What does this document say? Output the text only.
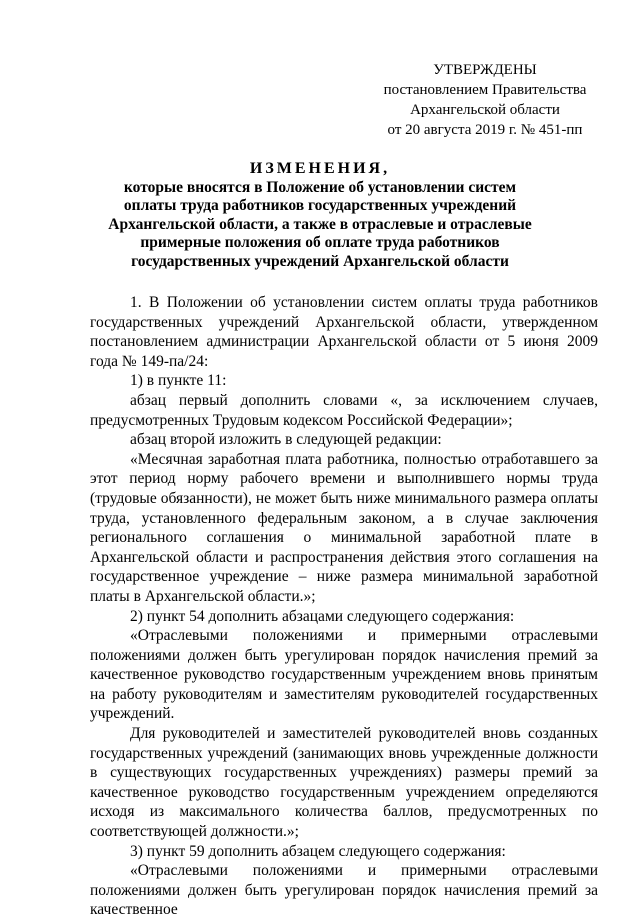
УТВЕРЖДЕНЫ
постановлением Правительства
Архангельской области
от 20 августа 2019 г. № 451-пп
ИЗМЕНЕНИЯ,
которые вносятся в Положение об установлении систем
оплаты труда работников государственных учреждений
Архангельской области, а также в отраслевые и отраслевые
примерные положения об оплате труда работников
государственных учреждений Архангельской области

1. В Положении об установлении систем оплаты труда работников государственных учреждений Архангельской области, утвержденном постановлением администрации Архангельской области от 5 июня 2009 года № 149-па/24:

1) в пункте 11:

абзац первый дополнить словами «, за исключением случаев, предусмотренных Трудовым кодексом Российской Федерации»;

абзац второй изложить в следующей редакции:

«Месячная заработная плата работника, полностью отработавшего за этот период норму рабочего времени и выполнившего нормы труда (трудовые обязанности), не может быть ниже минимального размера оплаты труда, установленного федеральным законом, а в случае заключения регионального соглашения о минимальной заработной плате в Архангельской области и распространения действия этого соглашения на государственное учреждение – ниже размера минимальной заработной платы в Архангельской области.»;

2) пункт 54 дополнить абзацами следующего содержания:

«Отраслевыми положениями и примерными отраслевыми положениями должен быть урегулирован порядок начисления премий за качественное руководство государственным учреждением вновь принятым на работу руководителям и заместителям руководителей государственных учреждений.

Для руководителей и заместителей руководителей вновь созданных государственных учреждений (занимающих вновь учрежденные должности в существующих государственных учреждениях) размеры премий за качественное руководство государственным учреждением определяются исходя из максимального количества баллов, предусмотренных по соответствующей должности.»;

3) пункт 59 дополнить абзацем следующего содержания:

«Отраслевыми положениями и примерными отраслевыми положениями должен быть урегулирован порядок начисления премий за качественное
